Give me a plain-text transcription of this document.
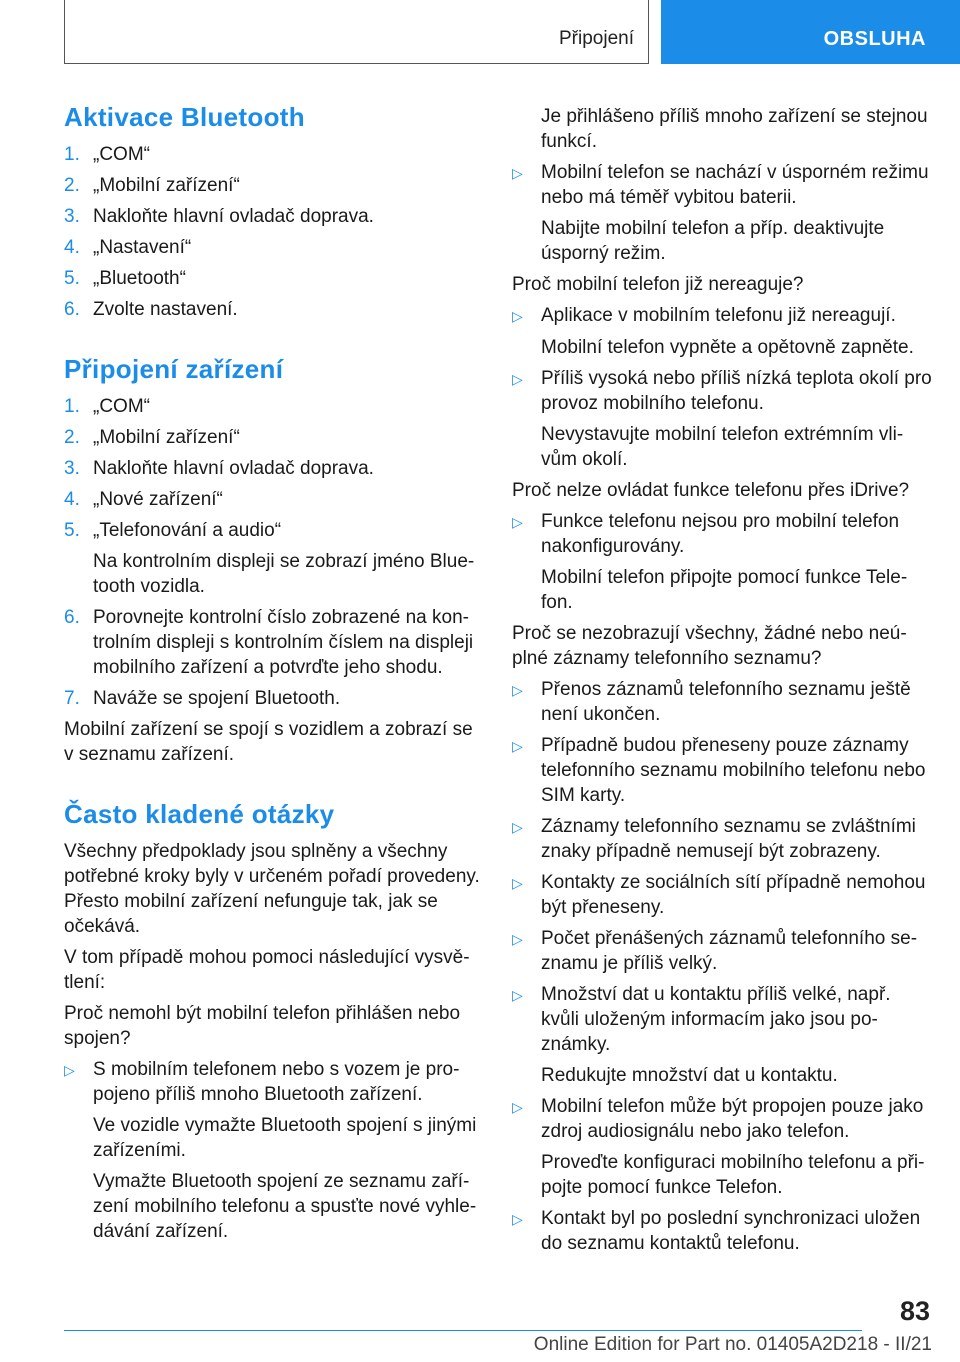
Připojení	OBSLUHA
Aktivace Bluetooth
1. „COM“
2. „Mobilní zařízení“
3. Nakloňte hlavní ovladač doprava.
4. „Nastavení“
5. „Bluetooth“
6. Zvolte nastavení.
Připojení zařízení
1. „COM“
2. „Mobilní zařízení“
3. Nakloňte hlavní ovladač doprava.
4. „Nové zařízení“
5. „Telefonování a audio“
Na kontrolním displeji se zobrazí jméno Bluetooth vozidla.
6. Porovnejte kontrolní číslo zobrazené na kontrolním displeji s kontrolním číslem na displeji mobilního zařízení a potvrďte jeho shodu.
7. Naváže se spojení Bluetooth.
Mobilní zařízení se spojí s vozidlem a zobrazí se v seznamu zařízení.
Často kladené otázky
Všechny předpoklady jsou splněny a všechny potřebné kroky byly v určeném pořadí provedeny. Přesto mobilní zařízení nefunguje tak, jak se očekává.
V tom případě mohou pomoci následující vysvětlení:
Proč nemohl být mobilní telefon přihlášen nebo spojen?
▷ S mobilním telefonem nebo s vozem je propojeno příliš mnoho Bluetooth zařízení.
Ve vozidle vymažte Bluetooth spojení s jinými zařízeními.
Vymažte Bluetooth spojení ze seznamu zařízení mobilního telefonu a spusťte nové vyhledávání zařízení.
Je přihlášeno příliš mnoho zařízení se stejnou funkcí.
▷ Mobilní telefon se nachází v úsporném režimu nebo má téměř vybitou baterii.
Nabijte mobilní telefon a příp. deaktivujte úsporný režim.
Proč mobilní telefon již nereaguje?
▷ Aplikace v mobilním telefonu již nereagují.
Mobilní telefon vypněte a opětovně zapněte.
▷ Příliš vysoká nebo příliš nízká teplota okolí pro provoz mobilního telefonu.
Nevystavujte mobilní telefon extrémním vlivům okolí.
Proč nelze ovládat funkce telefonu přes iDrive?
▷ Funkce telefonu nejsou pro mobilní telefon nakonfigurovány.
Mobilní telefon připojte pomocí funkce Telefon.
Proč se nezobrazují všechny, žádné nebo neúplné záznamy telefonního seznamu?
▷ Přenos záznamů telefonního seznamu ještě není ukončen.
▷ Případně budou přeneseny pouze záznamy telefonního seznamu mobilního telefonu nebo SIM karty.
▷ Záznamy telefonního seznamu se zvláštními znaky případně nemusejí být zobrazeny.
▷ Kontakty ze sociálních sítí případně nemohou být přeneseny.
▷ Počet přenášených záznamů telefonního seznamu je příliš velký.
▷ Množství dat u kontaktu příliš velké, např. kvůli uloženým informacím jako jsou poznámky.
Redukujte množství dat u kontaktu.
▷ Mobilní telefon může být propojen pouze jako zdroj audiosignálu nebo jako telefon.
Proveďte konfiguraci mobilního telefonu a připojte pomocí funkce Telefon.
▷ Kontakt byl po poslední synchronizaci uložen do seznamu kontaktů telefonu.
83
Online Edition for Part no. 01405A2D218 - II/21
